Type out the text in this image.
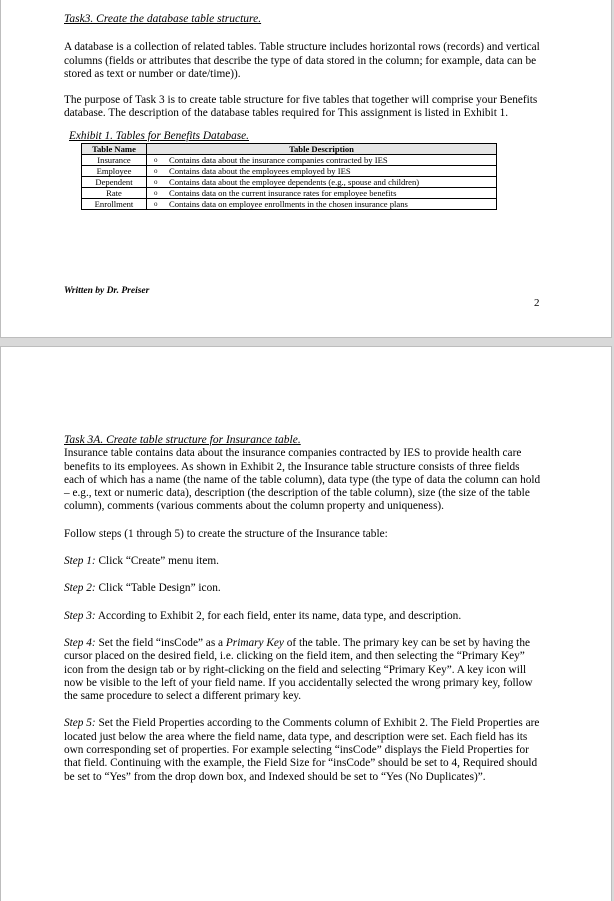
Task3. Create the database table structure.

A database is a collection of related tables. Table structure includes horizontal rows (records) and vertical columns (fields or attributes that describe the type of data stored in the column; for example, data can be stored as text or number or date/time)).

The purpose of Task 3 is to create table structure for five tables that together will comprise your Benefits database. The description of the database tables required for This assignment is listed in Exhibit 1.

Exhibit 1. Tables for Benefits Database.

Table Name	Table Description
Insurance	o Contains data about the insurance companies contracted by IES
Employee	o Contains data about the employees employed by IES
Dependent	o Contains data about the employee dependents (e.g., spouse and children)
Rate	o Contains data on the current insurance rates for employee benefits
Enrollment	o Contains data on employee enrollments in the chosen insurance plans
Written by Dr. Preiser
2

Task 3A. Create table structure for Insurance table.

Insurance table contains data about the insurance companies contracted by IES to provide health care benefits to its employees. As shown in Exhibit 2, the Insurance table structure consists of three fields each of which has a name (the name of the table column), data type (the type of data the column can hold – e.g., text or numeric data), description (the description of the table column), size (the size of the table column), comments (various comments about the column property and uniqueness).

Follow steps (1 through 5) to create the structure of the Insurance table:

Step 1: Click “Create” menu item.

Step 2: Click “Table Design” icon.

Step 3: According to Exhibit 2, for each field, enter its name, data type, and description.

Step 4: Set the field “insCode” as a Primary Key of the table. The primary key can be set by having the cursor placed on the desired field, i.e. clicking on the field item, and then selecting the “Primary Key” icon from the design tab or by right-clicking on the field and selecting “Primary Key”. A key icon will now be visible to the left of your field name. If you accidentally selected the wrong primary key, follow the same procedure to select a different primary key.

Step 5: Set the Field Properties according to the Comments column of Exhibit 2. The Field Properties are located just below the area where the field name, data type, and description were set. Each field has its own corresponding set of properties. For example selecting “insCode” displays the Field Properties for that field. Continuing with the example, the Field Size for “insCode” should be set to 4, Required should be set to “Yes” from the drop down box, and Indexed should be set to “Yes (No Duplicates)”.
